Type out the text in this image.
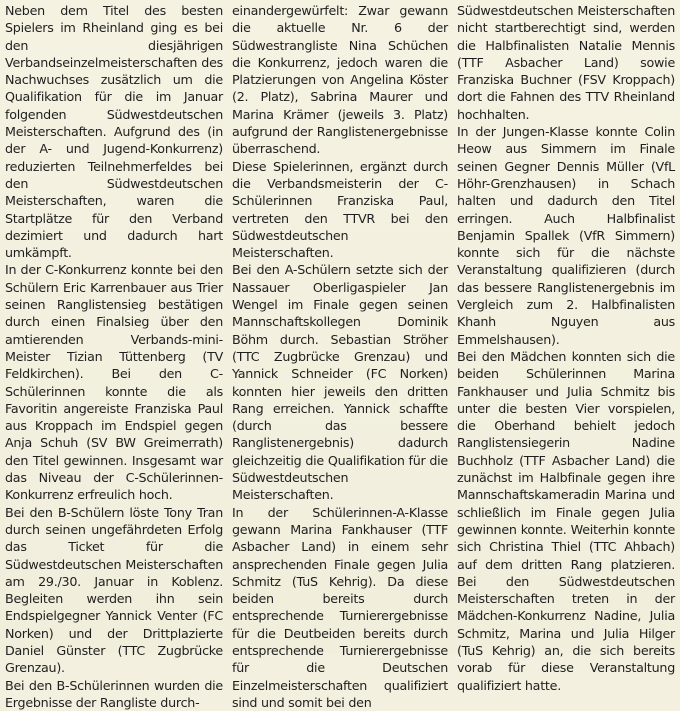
Neben dem Titel des besten Spielers im Rheinland ging es bei den diesjährigen Verbandseinzelmeisterschaften des Nachwuchses zusätzlich um die Qualifikation für die im Januar folgenden Südwestdeutschen Meisterschaften. Aufgrund des (in der A- und Jugend-Konkurrenz) reduzierten Teilnehmerfeldes bei den Südwestdeutschen Meisterschaften, waren die Startplätze für den Verband dezimiert und dadurch hart umkämpft.

In der C-Konkurrenz konnte bei den Schülern Eric Karrenbauer aus Trier seinen Ranglistensieg bestätigen durch einen Finalsieg über den amtierenden Verbands-mini-Meister Tizian Tüttenberg (TV Feldkirchen). Bei den C-Schülerinnen konnte die als Favoritin angereiste Franziska Paul aus Kroppach im Endspiel gegen Anja Schuh (SV BW Greimerrath) den Titel gewinnen. Insgesamt war das Niveau der C-Schülerinnen-Konkurrenz erfreulich hoch.

Bei den B-Schülern löste Tony Tran durch seinen ungefährdeten Erfolg das Ticket für die Südwestdeutschen Meisterschaften am 29./30. Januar in Koblenz. Begleiten werden ihn sein Endspielgegner Yannick Venter (FC Norken) und der Drittplazierte Daniel Günster (TTC Zugbrücke Grenzau).

Bei den B-Schülerinnen wurden die Ergebnisse der Rangliste durch-

einandergewürfelt: Zwar gewann die aktuelle Nr. 6 der Südwestrangliste Nina Schüchen die Konkurrenz, jedoch waren die Platzierungen von Angelina Köster (2. Platz), Sabrina Maurer und Marina Krämer (jeweils 3. Platz) aufgrund der Ranglistenergebnisse überraschend.

Diese Spielerinnen, ergänzt durch die Verbandsmeisterin der C-Schülerinnen Franziska Paul, vertreten den TTVR bei den Südwestdeutschen Meisterschaften.

Bei den A-Schülern setzte sich der Nassauer Oberligaspieler Jan Wengel im Finale gegen seinen Mannschaftskollegen Dominik Böhm durch. Sebastian Ströher (TTC Zugbrücke Grenzau) und Yannick Schneider (FC Norken) konnten hier jeweils den dritten Rang erreichen. Yannick schaffte (durch das bessere Ranglistenergebnis) dadurch gleichzeitig die Qualifikation für die Südwestdeutschen Meisterschaften.

In der Schülerinnen-A-Klasse gewann Marina Fankhauser (TTF Asbacher Land) in einem sehr ansprechenden Finale gegen Julia Schmitz (TuS Kehrig). Da diese beiden bereits durch entsprechende Turnierergebnisse für die Deutbeiden bereits durch entsprechende Turnierergebnisse für die Deutschen Einzelmeisterschaften qualifiziert sind und somit bei den

Südwestdeutschen Meisterschaften nicht startberechtigt sind, werden die Halbfinalisten Natalie Mennis (TTF Asbacher Land) sowie Franziska Buchner (FSV Kroppach) dort die Fahnen des TTV Rheinland hochhalten.

In der Jungen-Klasse konnte Colin Heow aus Simmern im Finale seinen Gegner Dennis Müller (VfL Höhr-Grenzhausen) in Schach halten und dadurch den Titel erringen. Auch Halbfinalist Benjamin Spallek (VfR Simmern) konnte sich für die nächste Veranstaltung qualifizieren (durch das bessere Ranglistenergebnis im Vergleich zum 2. Halbfinalisten Khanh Nguyen aus Emmelshausen).

Bei den Mädchen konnten sich die beiden Schülerinnen Marina Fankhauser und Julia Schmitz bis unter die besten Vier vorspielen, die Oberhand behielt jedoch Ranglistensiegerin Nadine Buchholz (TTF Asbacher Land) die zunächst im Halbfinale gegen ihre Mannschaftskameradin Marina und schließlich im Finale gegen Julia gewinnen konnte. Weiterhin konnte sich Christina Thiel (TTC Ahbach) auf dem dritten Rang platzieren. Bei den Südwestdeutschen Meisterschaften treten in der Mädchen-Konkurrenz Nadine, Julia Schmitz, Marina und Julia Hilger (TuS Kehrig) an, die sich bereits vorab für diese Veranstaltung qualifiziert hatte.
